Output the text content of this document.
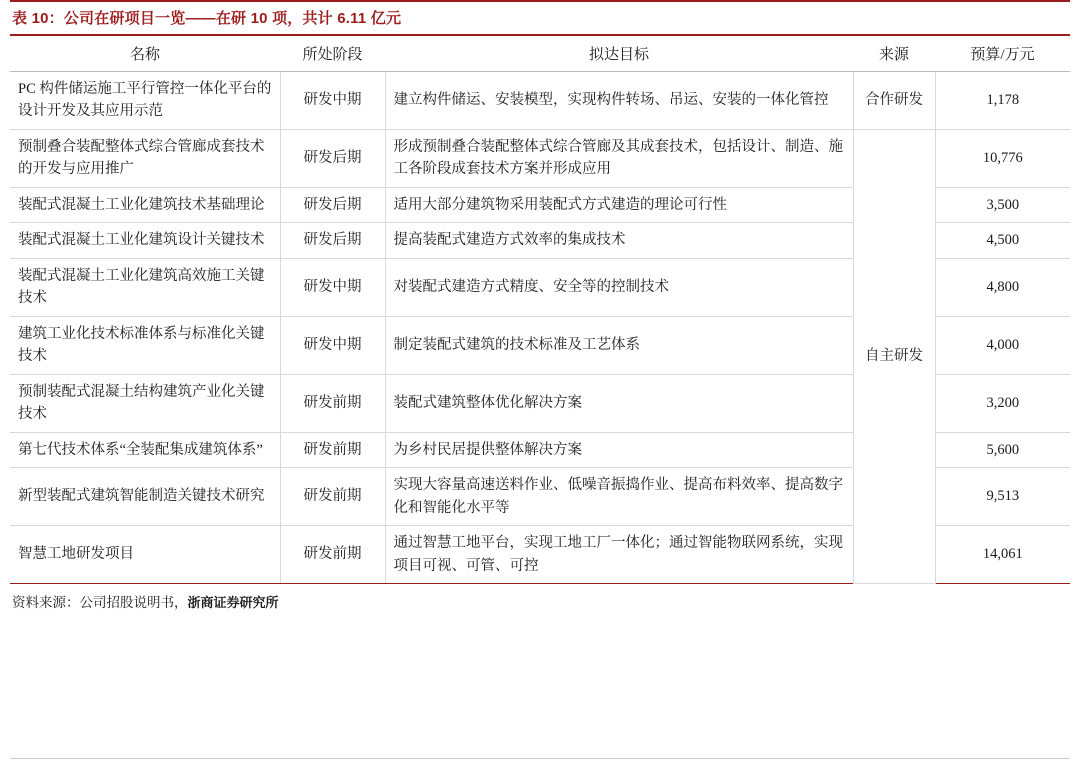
表 10：公司在研项目一览——在研 10 项，共计 6.11 亿元
名称	所处阶段	拟达目标	来源	预算/万元
PC 构件储运施工平行管控一体化平台的设计开发及其应用示范	研发中期	建立构件储运、安装模型，实现构件转场、吊运、安装的一体化管控	合作研发	1,178
预制叠合装配整体式综合管廊成套技术的开发与应用推广	研发后期	形成预制叠合装配整体式综合管廊及其成套技术，包括设计、制造、施工各阶段成套技术方案并形成应用	自主研发	10,776
装配式混凝土工业化建筑技术基础理论	研发后期	适用大部分建筑物采用装配式方式建造的理论可行性		3,500
装配式混凝土工业化建筑设计关键技术	研发后期	提高装配式建造方式效率的集成技术		4,500
装配式混凝土工业化建筑高效施工关键技术	研发中期	对装配式建造方式精度、安全等的控制技术		4,800
建筑工业化技术标准体系与标准化关键技术	研发中期	制定装配式建筑的技术标准及工艺体系		4,000
预制装配式混凝土结构建筑产业化关键技术	研发前期	装配式建筑整体优化解决方案		3,200
第七代技术体系“全装配集成建筑体系”	研发前期	为乡村民居提供整体解决方案		5,600
新型装配式建筑智能制造关键技术研究	研发前期	实现大容量高速送料作业、低噪音振捣作业、提高布料效率、提高数字化和智能化水平等		9,513
智慧工地研发项目	研发前期	通过智慧工地平台，实现工地工厂一体化；通过智能物联网系统，实现项目可视、可管、可控		14,061
资料来源：公司招股说明书，浙商证券研究所
